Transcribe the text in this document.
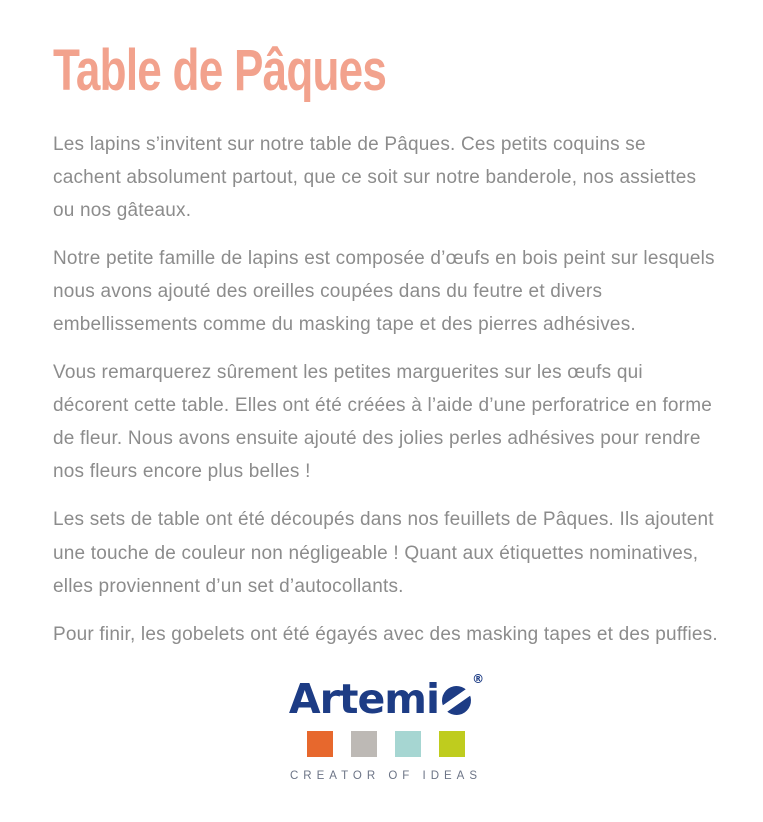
Table de Pâques

Les lapins s’invitent sur notre table de Pâques. Ces petits coquins se cachent absolument partout, que ce soit sur notre banderole, nos assiettes ou nos gâteaux.

Notre petite famille de lapins est composée d’œufs en bois peint sur lesquels nous avons ajouté des oreilles coupées dans du feutre et divers embellissements comme du masking tape et des pierres adhésives.

Vous remarquerez sûrement les petites marguerites sur les œufs qui décorent cette table. Elles ont été créées à l’aide d’une perforatrice en forme de fleur. Nous avons ensuite ajouté des jolies perles adhésives pour rendre nos fleurs encore plus belles !

Les sets de table ont été découpés dans nos feuillets de Pâques. Ils ajoutent une touche de couleur non négligeable ! Quant aux étiquettes nominatives, elles proviennent d’un set d’autocollants.

Pour finir, les gobelets ont été égayés avec des masking tapes et des puffies.

Artemi	®
CREATOR OF IDEAS
